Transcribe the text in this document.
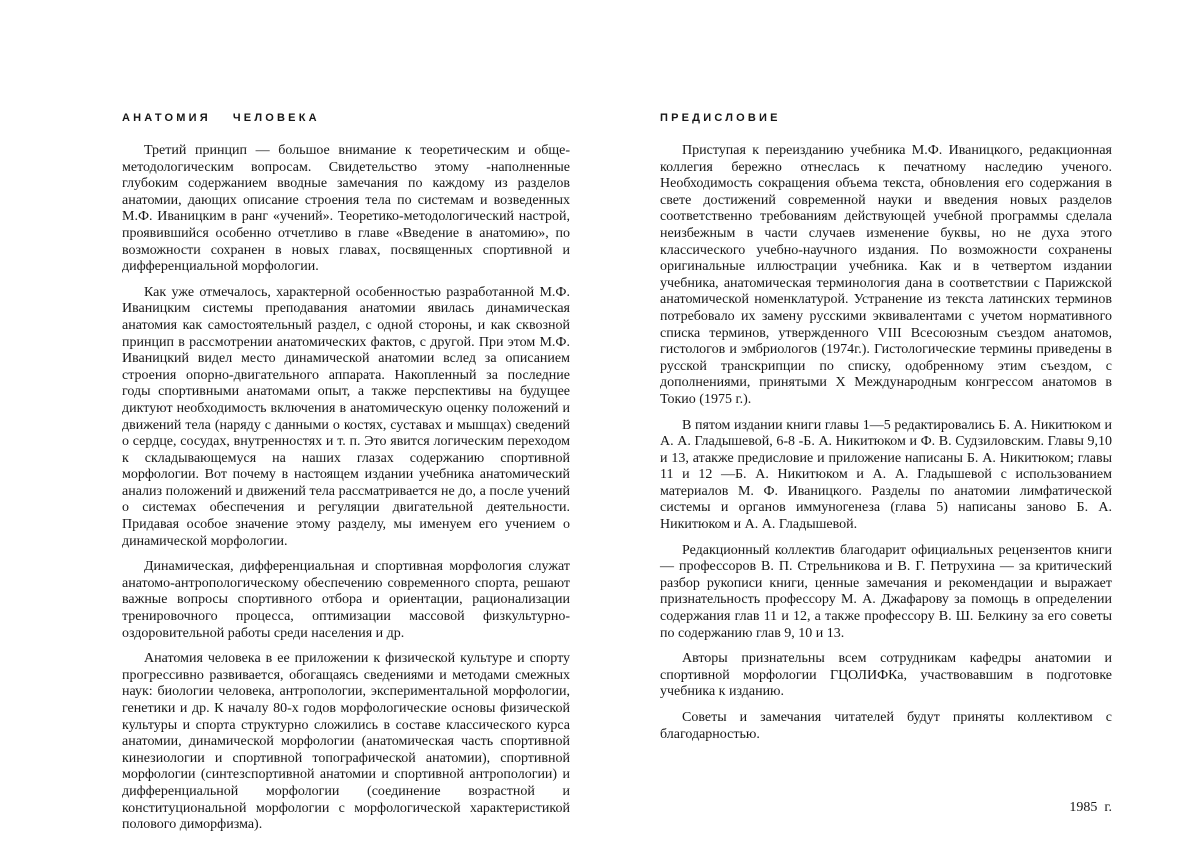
АНАТОМИЯ ЧЕЛОВЕКА

Третий принцип — большое внимание к теоретическим и общеметодологическим вопросам. Свидетельство этому -наполненные глубоким содержанием вводные замечания по каждому из разделов анатомии, дающих описание строения тела по системам и возведенных М.Ф. Иваницким в ранг «учений». Теоретико-методологический настрой, проявившийся особенно отчетливо в главе «Введение в анатомию», по возможности сохранен в новых главах, посвященных спортивной и дифференциальной морфологии.

Как уже отмечалось, характерной особенностью разработанной М.Ф. Иваницким системы преподавания анатомии явилась динамическая анатомия как самостоятельный раздел, с одной стороны, и как сквозной принцип в рассмотрении анатомических фактов, с другой. При этом М.Ф. Иваницкий видел место динамической анатомии вслед за описанием строения опорно-двигательного аппарата. Накопленный за последние годы спортивными анатомами опыт, а также перспективы на будущее диктуют необходимость включения в анатомическую оценку положений и движений тела (наряду с данными о костях, суставах и мышцах) сведений о сердце, сосудах, внутренностях и т. п. Это явится логическим переходом к складывающемуся на наших глазах содержанию спортивной морфологии. Вот почему в настоящем издании учебника анатомический анализ положений и движений тела рассматривается не до, а после учений о системах обеспечения и регуляции двигательной деятельности. Придавая особое значение этому разделу, мы именуем его учением о динамической морфологии.

Динамическая, дифференциальная и спортивная морфология служат анатомо-антропологическому обеспечению современного спорта, решают важные вопросы спортивного отбора и ориентации, рационализации тренировочного процесса, оптимизации массовой физкультурно-оздоровительной работы среди населения и др.

Анатомия человека в ее приложении к физической культуре и спорту прогрессивно развивается, обогащаясь сведениями и методами смежных наук: биологии человека, антропологии, экспериментальной морфологии, генетики и др. К началу 80-х годов морфологические основы физической культуры и спорта структурно сложились в составе классического курса анатомии, динамической морфологии (анатомическая часть спортивной кинезиологии и спортивной топографической анатомии), спортивной морфологии (синтезспортивной анатомии и спортивной антропологии) и дифференциальной морфологии (соединение возрастной и конституциональной морфологии с морфологической характеристикой полового диморфизма).

ПРЕДИСЛОВИЕ

Приступая к переизданию учебника М.Ф. Иваницкого, редакционная коллегия бережно отнеслась к печатному наследию ученого. Необходимость сокращения объема текста, обновления его содержания в свете достижений современной науки и введения новых разделов соответственно требованиям действующей учебной программы сделала неизбежным в части случаев изменение буквы, но не духа этого классического учебно-научного издания. По возможности сохранены оригинальные иллюстрации учебника. Как и в четвертом издании учебника, анатомическая терминология дана в соответствии с Парижской анатомической номенклатурой. Устранение из текста латинских терминов потребовало их замену русскими эквивалентами с учетом нормативного списка терминов, утвержденного VIII Всесоюзным съездом анатомов, гистологов и эмбриологов (1974г.). Гистологические термины приведены в русской транскрипции по списку, одобренному этим съездом, с дополнениями, принятыми X Международным конгрессом анатомов в Токио (1975 г.).

В пятом издании книги главы 1—5 редактировались Б. А. Никитюком и А. А. Гладышевой, 6-8 -Б. А. Никитюком и Ф. В. Судзиловским. Главы 9,10 и 13, атакже предисловие и приложение написаны Б. А. Никитюком; главы 11 и 12 —Б. А. Никитюком и А. А. Гладышевой с использованием материалов М. Ф. Иваницкого. Разделы по анатомии лимфатической системы и органов иммуногенеза (глава 5) написаны заново Б. А. Никитюком и А. А. Гладышевой.

Редакционный коллектив благодарит официальных рецензентов книги — профессоров В. П. Стрельникова и В. Г. Петрухина — за критический разбор рукописи книги, ценные замечания и рекомендации и выражает признательность профессору М. А. Джафарову за помощь в определении содержания глав 11 и 12, а также профессору В. Ш. Белкину за его советы по содержанию глав 9, 10 и 13.

Авторы признательны всем сотрудникам кафедры анатомии и спортивной морфологии ГЦОЛИФКа, участвовавшим в подготовке учебника к изданию.

Советы и замечания читателей будут приняты коллективом с благодарностью.

1985  г.
